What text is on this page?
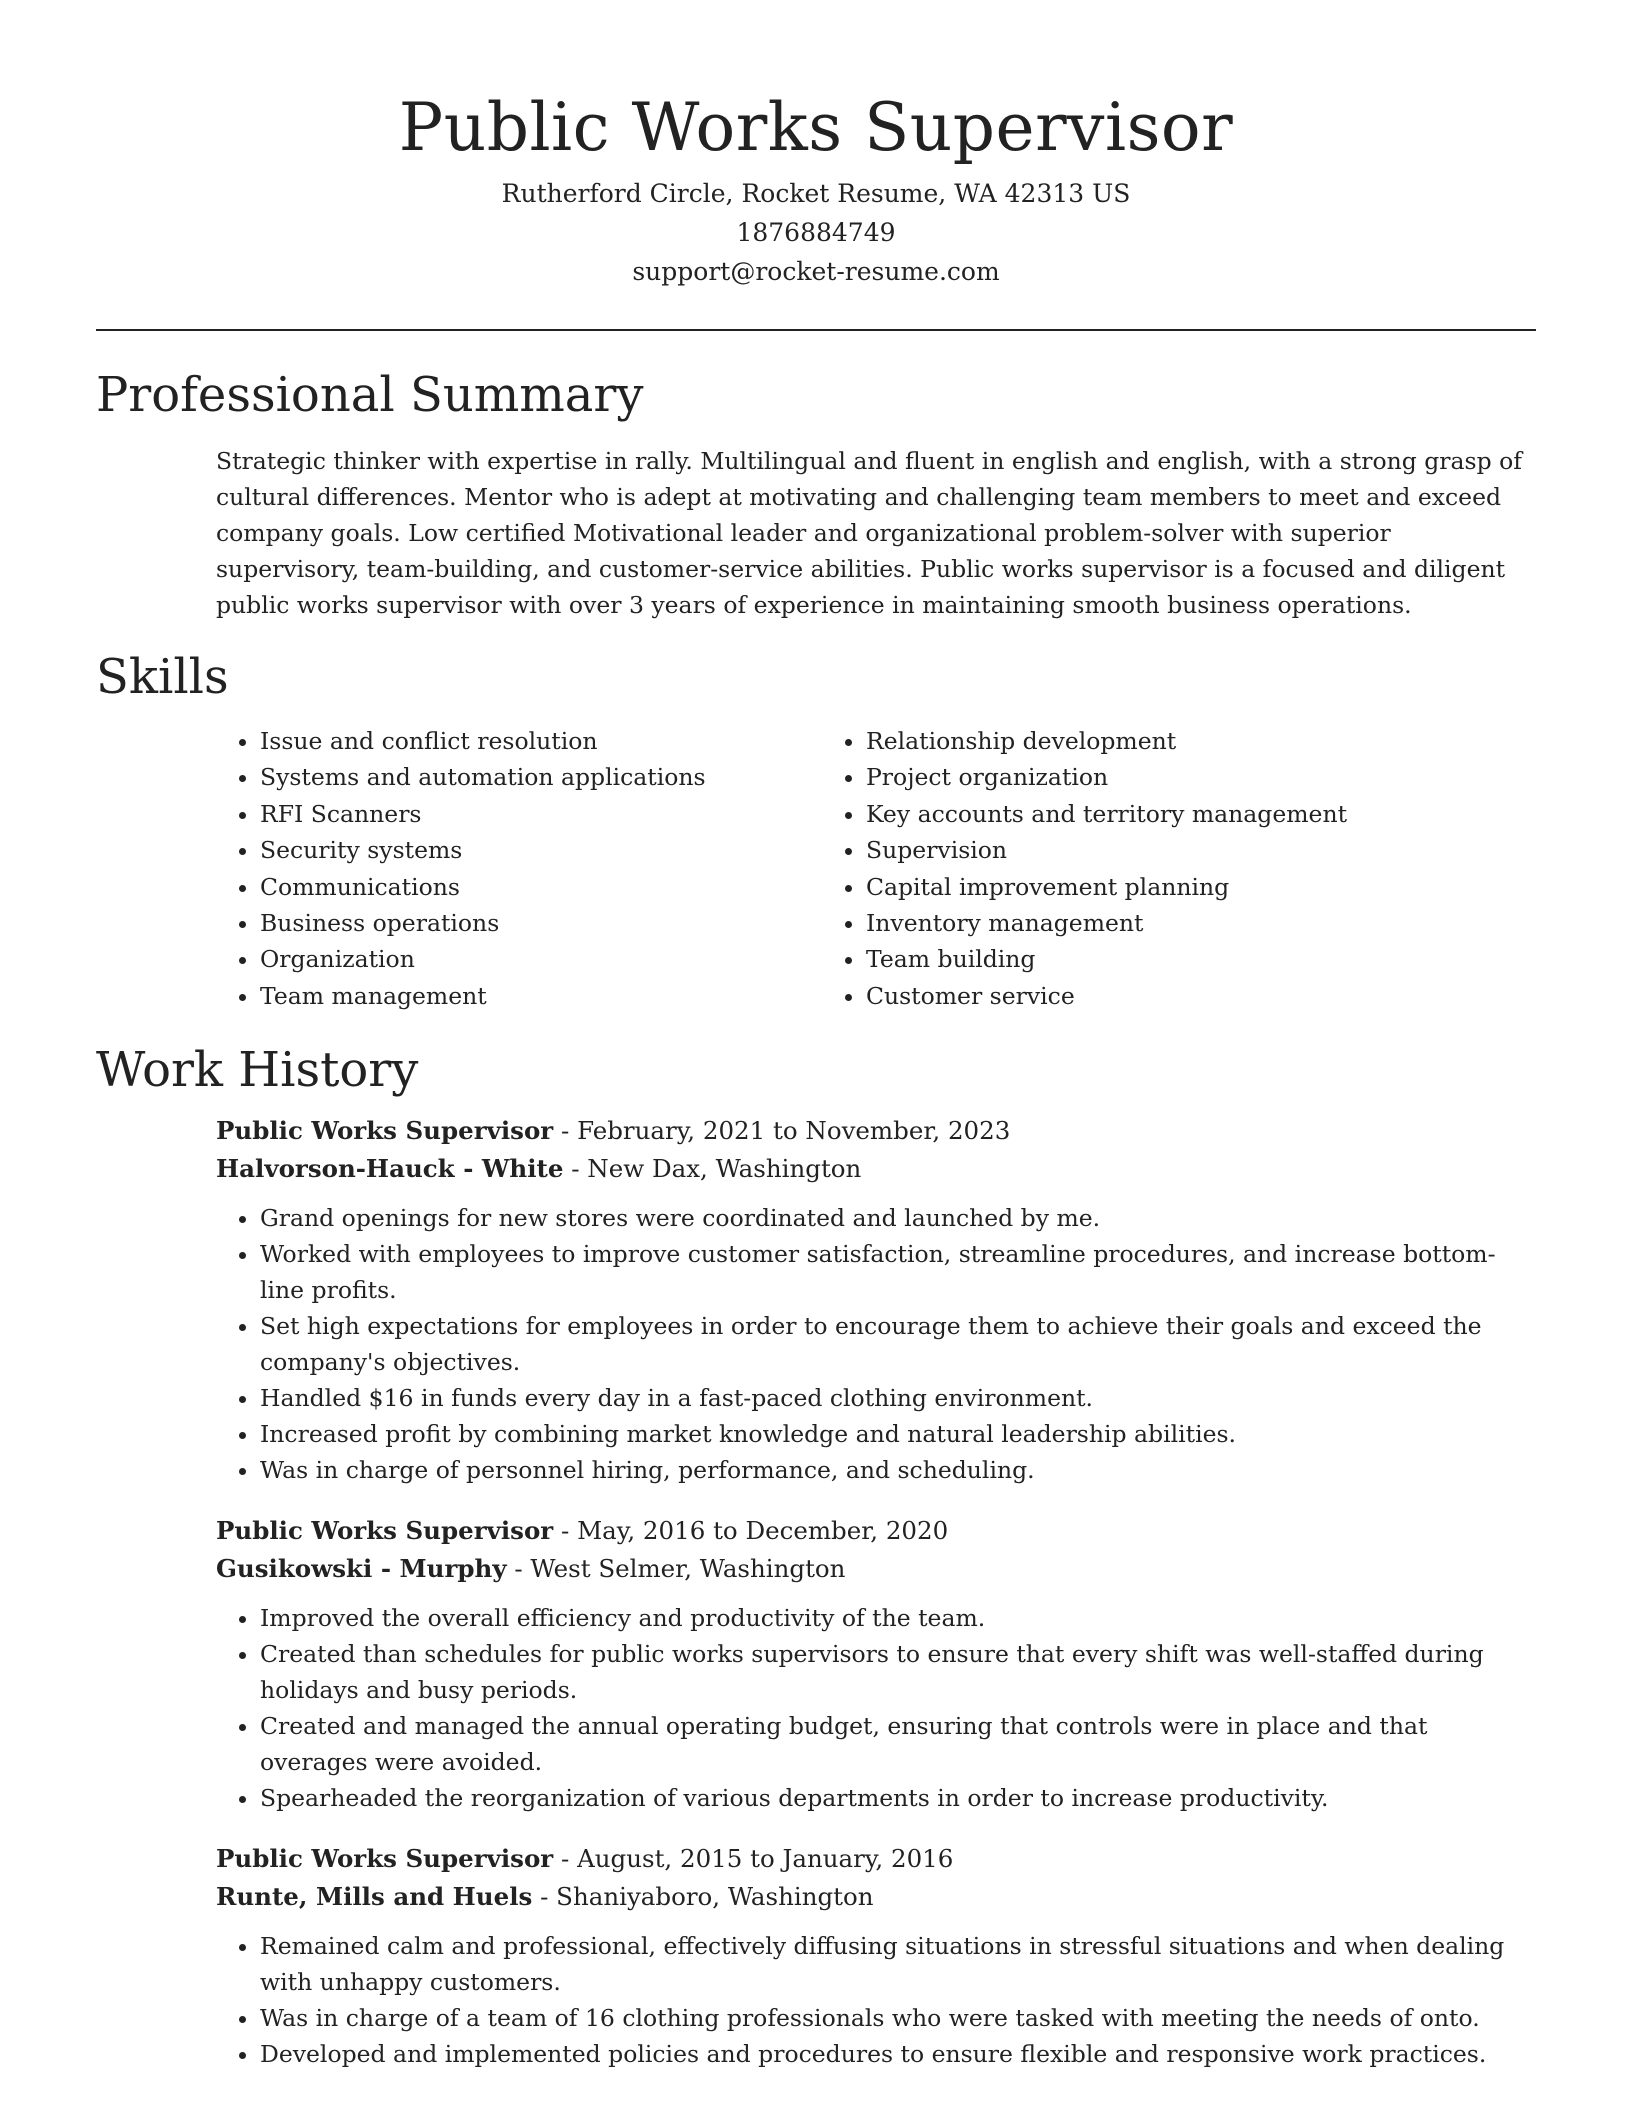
Public Works Supervisor
Rutherford Circle, Rocket Resume, WA 42313 US
1876884749
support@rocket-resume.com
Professional Summary

Strategic thinker with expertise in rally. Multilingual and fluent in english and english, with a strong grasp of cultural differences. Mentor who is adept at motivating and challenging team members to meet and exceed company goals. Low certified Motivational leader and organizational problem-solver with superior supervisory, team-building, and customer-service abilities. Public works supervisor is a focused and diligent public works supervisor with over 3 years of experience in maintaining smooth business operations.

Skills
• Issue and conflict resolution
• Systems and automation applications
• RFI Scanners
• Security systems
• Communications
• Business operations
• Organization
• Team management
• Relationship development
• Project organization
• Key accounts and territory management
• Supervision
• Capital improvement planning
• Inventory management
• Team building
• Customer service
Work History
Public Works Supervisor - February, 2021 to November, 2023
Halvorson-Hauck - White - New Dax, Washington
• Grand openings for new stores were coordinated and launched by me.
• Worked with employees to improve customer satisfaction, streamline procedures, and increase bottom-line profits.
• Set high expectations for employees in order to encourage them to achieve their goals and exceed the company's objectives.
• Handled $16 in funds every day in a fast-paced clothing environment.
• Increased profit by combining market knowledge and natural leadership abilities.
• Was in charge of personnel hiring, performance, and scheduling.
Public Works Supervisor - May, 2016 to December, 2020
Gusikowski - Murphy - West Selmer, Washington
• Improved the overall efficiency and productivity of the team.
• Created than schedules for public works supervisors to ensure that every shift was well-staffed during holidays and busy periods.
• Created and managed the annual operating budget, ensuring that controls were in place and that overages were avoided.
• Spearheaded the reorganization of various departments in order to increase productivity.
Public Works Supervisor - August, 2015 to January, 2016
Runte, Mills and Huels - Shaniyaboro, Washington
• Remained calm and professional, effectively diffusing situations in stressful situations and when dealing with unhappy customers.
• Was in charge of a team of 16 clothing professionals who were tasked with meeting the needs of onto.
• Developed and implemented policies and procedures to ensure flexible and responsive work practices.
